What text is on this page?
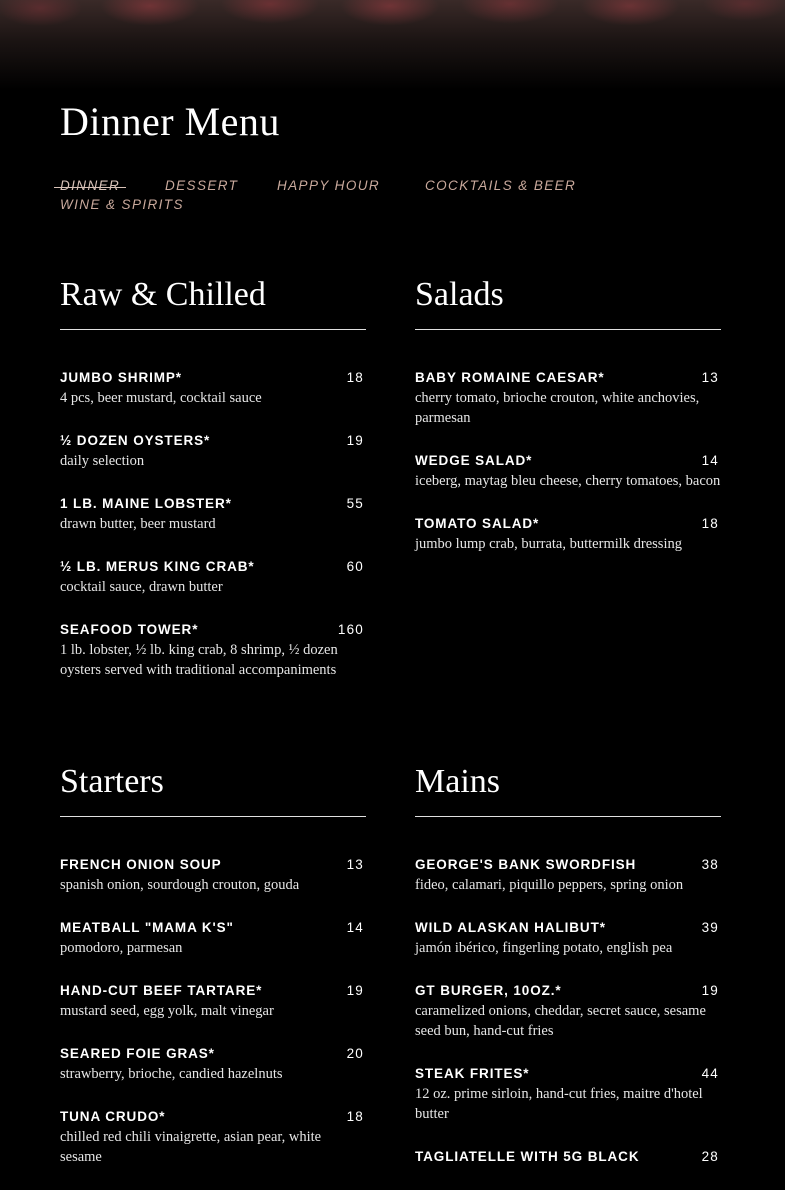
Dinner Menu
DINNER	DESSERT	HAPPY HOUR	COCKTAILS & BEER
WINE & SPIRITS
Raw & Chilled
JUMBO SHRIMP*	18
4 pcs, beer mustard, cocktail sauce
½ DOZEN OYSTERS*	19
daily selection
1 LB. MAINE LOBSTER*	55
drawn butter, beer mustard
½ LB. MERUS KING CRAB*	60
cocktail sauce, drawn butter
SEAFOOD TOWER*	160
1 lb. lobster, ½ lb. king crab, 8 shrimp, ½ dozen oysters served with traditional accompaniments
Salads
BABY ROMAINE CAESAR*	13
cherry tomato, brioche crouton, white anchovies, parmesan
WEDGE SALAD*	14
iceberg, maytag bleu cheese, cherry tomatoes, bacon
TOMATO SALAD*	18
jumbo lump crab, burrata, buttermilk dressing
Starters
FRENCH ONION SOUP	13
spanish onion, sourdough crouton, gouda
MEATBALL "MAMA K'S"	14
pomodoro, parmesan
HAND-CUT BEEF TARTARE*	19
mustard seed, egg yolk, malt vinegar
SEARED FOIE GRAS*	20
strawberry, brioche, candied hazelnuts
TUNA CRUDO*	18
chilled red chili vinaigrette, asian pear, white sesame
Mains
GEORGE'S BANK SWORDFISH	38
fideo, calamari, piquillo peppers, spring onion
WILD ALASKAN HALIBUT*	39
jamón ibérico, fingerling potato, english pea
GT BURGER, 10OZ.*	19
caramelized onions, cheddar, secret sauce, sesame seed bun, hand-cut fries
STEAK FRITES*	44
12 oz. prime sirloin, hand-cut fries, maitre d'hotel butter
TAGLIATELLE WITH 5G BLACK	28
